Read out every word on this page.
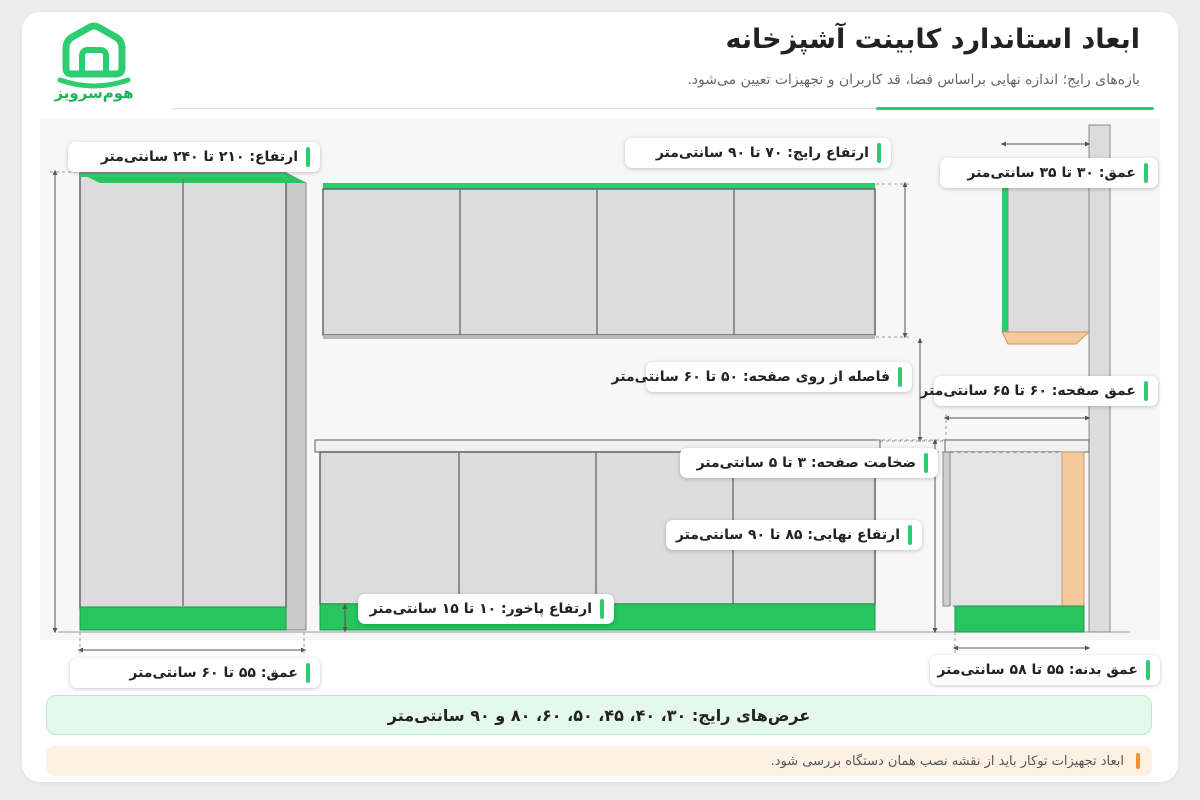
هوم‌سرویز
ابعاد استاندارد کابینت آشپزخانه
بازه‌های رایج؛ اندازه نهایی براساس فضا، قد کاربران و تجهیزات تعیین می‌شود.
ارتفاع: ۲۱۰ تا ۲۴۰ سانتی‌متر
عمق: ۵۵ تا ۶۰ سانتی‌متر
ارتفاع رایج: ۷۰ تا ۹۰ سانتی‌متر
فاصله از روی صفحه: ۵۰ تا ۶۰ سانتی‌متر
ضخامت صفحه: ۳ تا ۵ سانتی‌متر
ارتفاع نهایی: ۸۵ تا ۹۰ سانتی‌متر
ارتفاع پاخور: ۱۰ تا ۱۵ سانتی‌متر
عمق: ۳۰ تا ۳۵ سانتی‌متر
عمق صفحه: ۶۰ تا ۶۵ سانتی‌متر
عمق بدنه: ۵۵ تا ۵۸ سانتی‌متر
عرض‌های رایج: ۳۰، ۴۰، ۴۵، ۵۰، ۶۰، ۸۰ و ۹۰ سانتی‌متر
ابعاد تجهیزات توکار باید از نقشه نصب همان دستگاه بررسی شود.
